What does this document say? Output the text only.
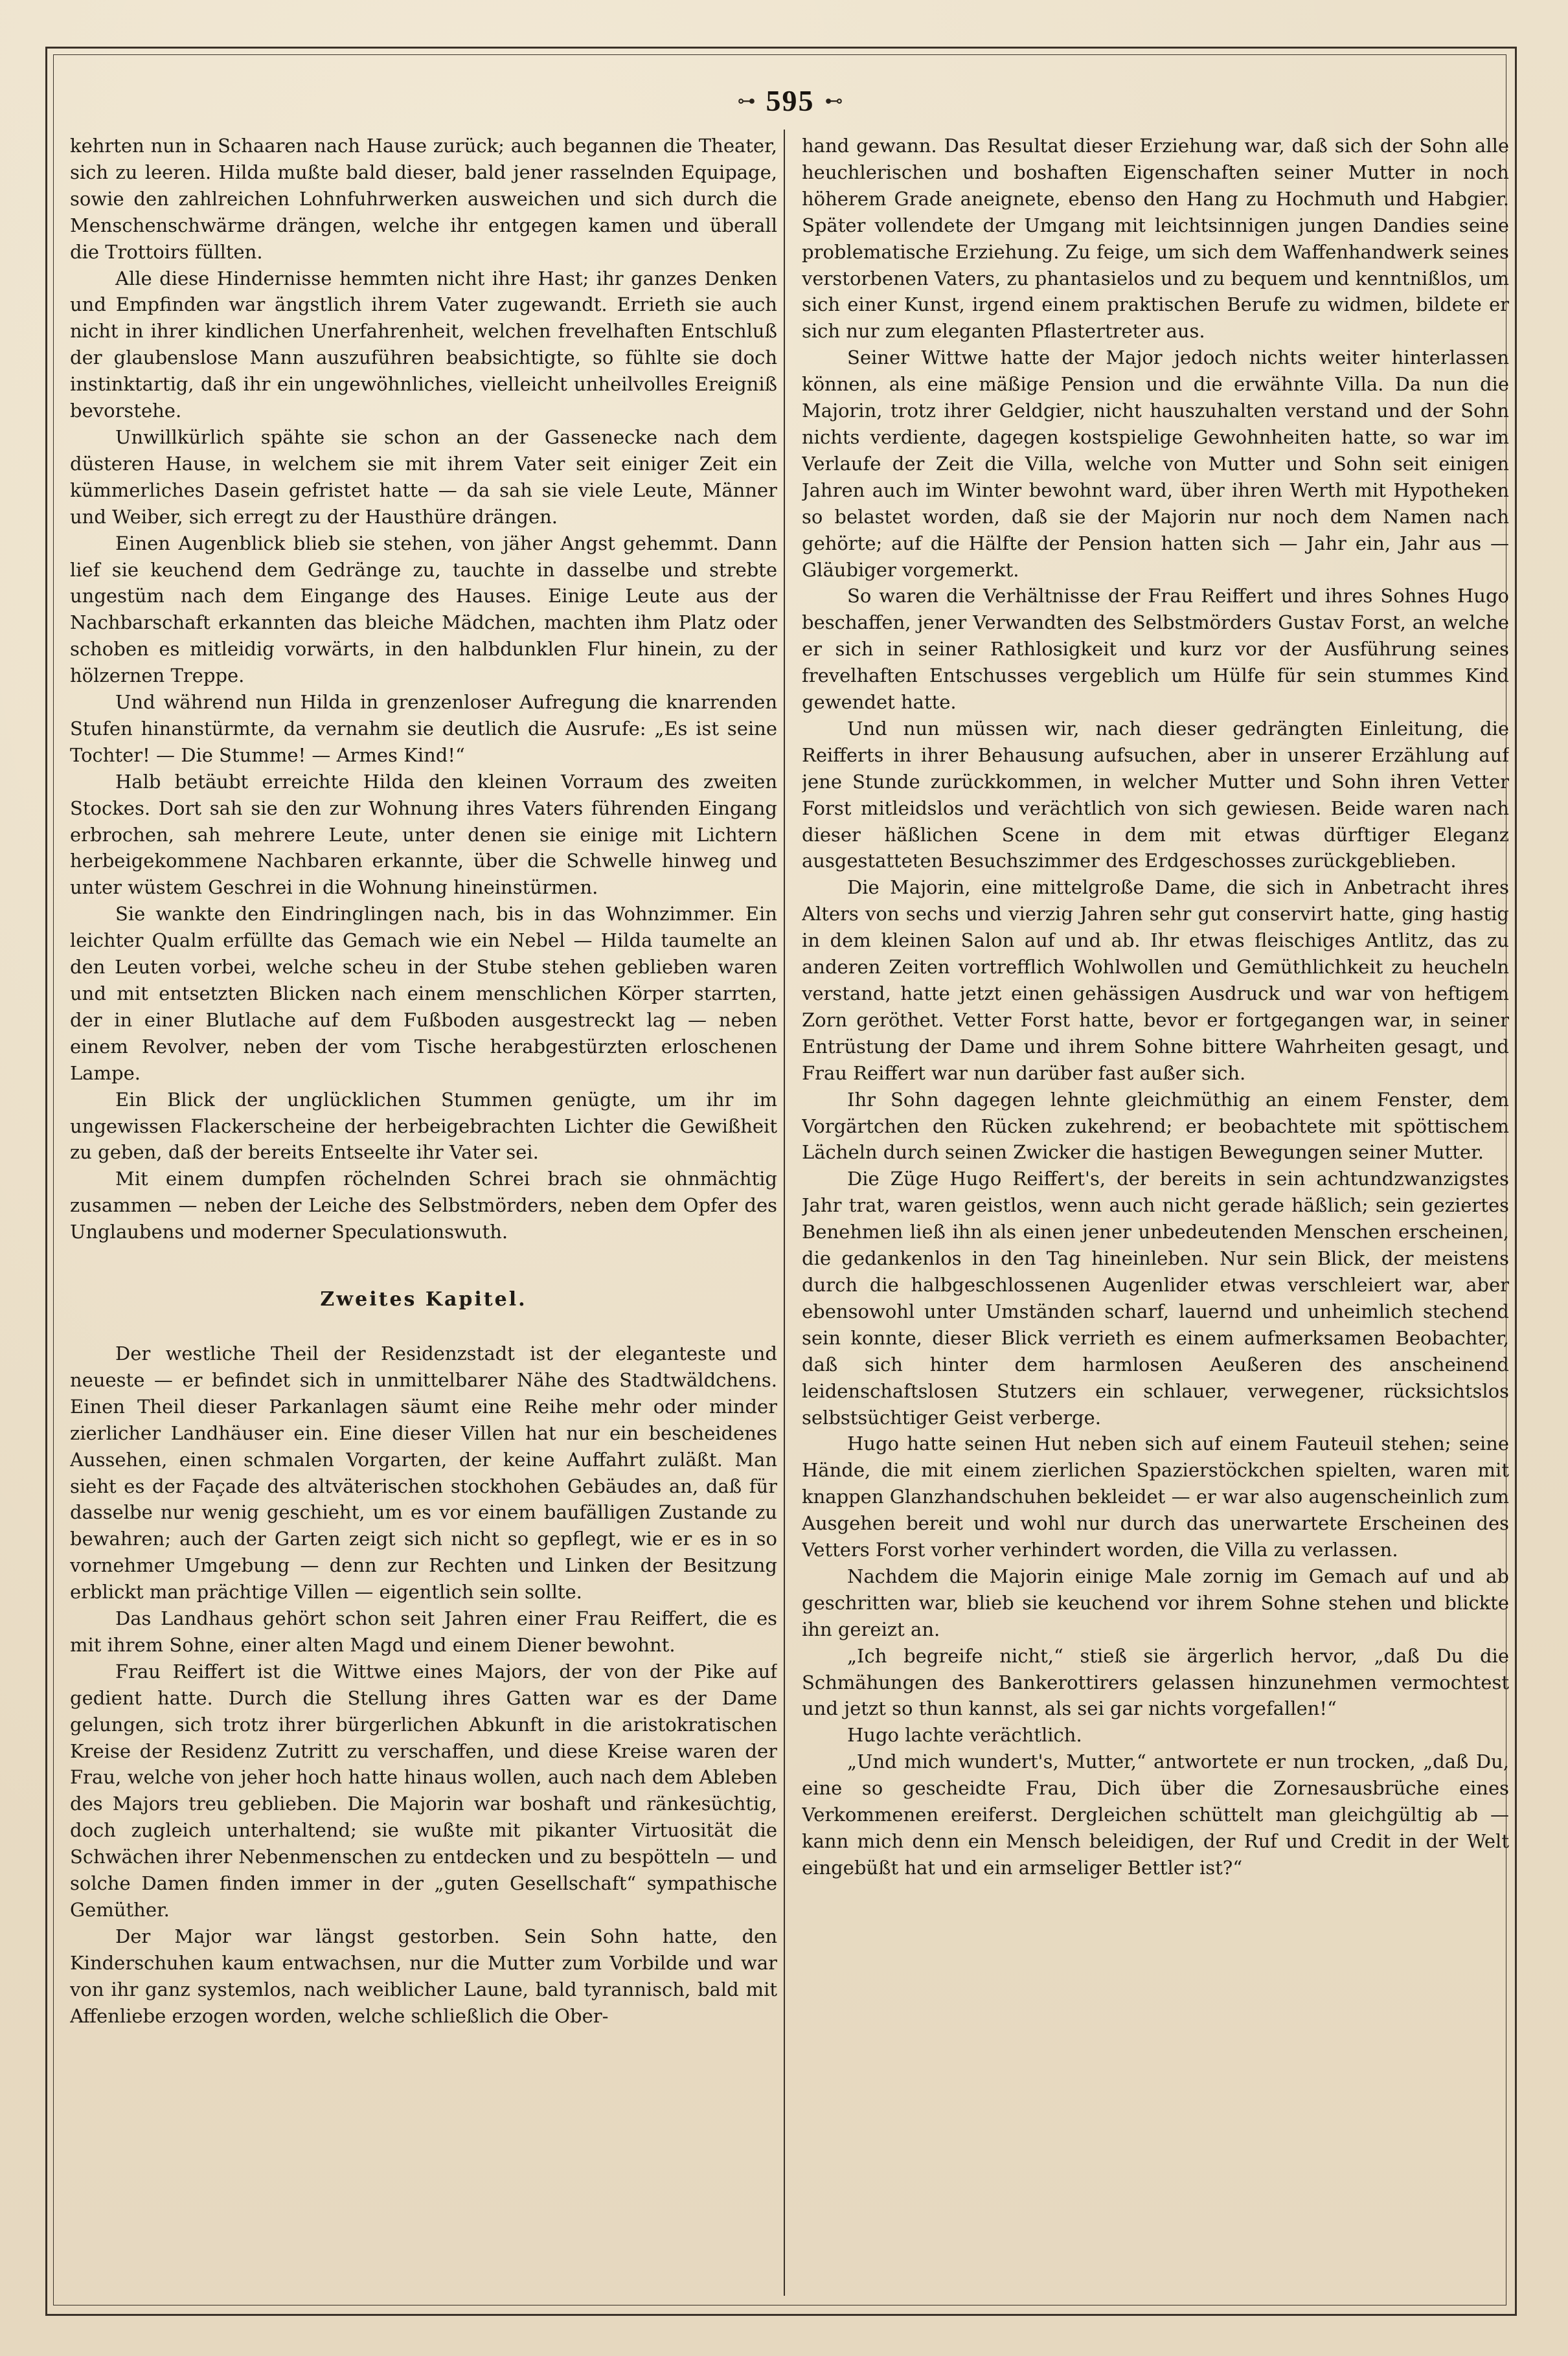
⊶ 595 ⊷

kehrten nun in Schaaren nach Hause zurück; auch begannen die Theater, sich zu leeren. Hilda mußte bald dieser, bald jener rasselnden Equipage, sowie den zahlreichen Lohnfuhrwerken ausweichen und sich durch die Menschenschwärme drängen, welche ihr entgegen kamen und überall die Trottoirs füllten.

Alle diese Hindernisse hemmten nicht ihre Hast; ihr ganzes Denken und Empfinden war ängstlich ihrem Vater zugewandt. Errieth sie auch nicht in ihrer kindlichen Unerfahrenheit, welchen frevelhaften Entschluß der glaubenslose Mann auszuführen beabsichtigte, so fühlte sie doch instinktartig, daß ihr ein ungewöhnliches, vielleicht unheilvolles Ereigniß bevorstehe.

Unwillkürlich spähte sie schon an der Gassenecke nach dem düsteren Hause, in welchem sie mit ihrem Vater seit einiger Zeit ein kümmerliches Dasein gefristet hatte — da sah sie viele Leute, Männer und Weiber, sich erregt zu der Hausthüre drängen.

Einen Augenblick blieb sie stehen, von jäher Angst gehemmt. Dann lief sie keuchend dem Gedränge zu, tauchte in dasselbe und strebte ungestüm nach dem Eingange des Hauses. Einige Leute aus der Nachbarschaft erkannten das bleiche Mädchen, machten ihm Platz oder schoben es mitleidig vorwärts, in den halbdunklen Flur hinein, zu der hölzernen Treppe.

Und während nun Hilda in grenzenloser Aufregung die knarrenden Stufen hinanstürmte, da vernahm sie deutlich die Ausrufe: „Es ist seine Tochter! — Die Stumme! — Armes Kind!“

Halb betäubt erreichte Hilda den kleinen Vorraum des zweiten Stockes. Dort sah sie den zur Wohnung ihres Vaters führenden Eingang erbrochen, sah mehrere Leute, unter denen sie einige mit Lichtern herbeigekommene Nachbaren erkannte, über die Schwelle hinweg und unter wüstem Geschrei in die Wohnung hineinstürmen.

Sie wankte den Eindringlingen nach, bis in das Wohnzimmer. Ein leichter Qualm erfüllte das Gemach wie ein Nebel — Hilda taumelte an den Leuten vorbei, welche scheu in der Stube stehen geblieben waren und mit entsetzten Blicken nach einem menschlichen Körper starrten, der in einer Blutlache auf dem Fußboden ausgestreckt lag — neben einem Revolver, neben der vom Tische herabgestürzten erloschenen Lampe.

Ein Blick der unglücklichen Stummen genügte, um ihr im ungewissen Flackerscheine der herbeigebrachten Lichter die Gewißheit zu geben, daß der bereits Entseelte ihr Vater sei.

Mit einem dumpfen röchelnden Schrei brach sie ohnmächtig zusammen — neben der Leiche des Selbstmörders, neben dem Opfer des Unglaubens und moderner Speculationswuth.

Zweites Kapitel.

Der westliche Theil der Residenzstadt ist der eleganteste und neueste — er befindet sich in unmittelbarer Nähe des Stadtwäldchens. Einen Theil dieser Parkanlagen säumt eine Reihe mehr oder minder zierlicher Landhäuser ein. Eine dieser Villen hat nur ein bescheidenes Aussehen, einen schmalen Vorgarten, der keine Auffahrt zuläßt. Man sieht es der Façade des altväterischen stockhohen Gebäudes an, daß für dasselbe nur wenig geschieht, um es vor einem baufälligen Zustande zu bewahren; auch der Garten zeigt sich nicht so gepflegt, wie er es in so vornehmer Umgebung — denn zur Rechten und Linken der Besitzung erblickt man prächtige Villen — eigentlich sein sollte.

Das Landhaus gehört schon seit Jahren einer Frau Reiffert, die es mit ihrem Sohne, einer alten Magd und einem Diener bewohnt.

Frau Reiffert ist die Wittwe eines Majors, der von der Pike auf gedient hatte. Durch die Stellung ihres Gatten war es der Dame gelungen, sich trotz ihrer bürgerlichen Abkunft in die aristokratischen Kreise der Residenz Zutritt zu verschaffen, und diese Kreise waren der Frau, welche von jeher hoch hatte hinaus wollen, auch nach dem Ableben des Majors treu geblieben. Die Majorin war boshaft und ränkesüchtig, doch zugleich unterhaltend; sie wußte mit pikanter Virtuosität die Schwächen ihrer Nebenmenschen zu entdecken und zu bespötteln — und solche Damen finden immer in der „guten Gesellschaft“ sympathische Gemüther.

Der Major war längst gestorben. Sein Sohn hatte, den Kinderschuhen kaum entwachsen, nur die Mutter zum Vorbilde und war von ihr ganz systemlos, nach weiblicher Laune, bald tyrannisch, bald mit Affenliebe erzogen worden, welche schließlich die Ober-

hand gewann. Das Resultat dieser Erziehung war, daß sich der Sohn alle heuchlerischen und boshaften Eigenschaften seiner Mutter in noch höherem Grade aneignete, ebenso den Hang zu Hochmuth und Habgier. Später vollendete der Umgang mit leichtsinnigen jungen Dandies seine problematische Erziehung. Zu feige, um sich dem Waffenhandwerk seines verstorbenen Vaters, zu phantasielos und zu bequem und kenntnißlos, um sich einer Kunst, irgend einem praktischen Berufe zu widmen, bildete er sich nur zum eleganten Pflastertreter aus.

Seiner Wittwe hatte der Major jedoch nichts weiter hinterlassen können, als eine mäßige Pension und die erwähnte Villa. Da nun die Majorin, trotz ihrer Geldgier, nicht hauszuhalten verstand und der Sohn nichts verdiente, dagegen kostspielige Gewohnheiten hatte, so war im Verlaufe der Zeit die Villa, welche von Mutter und Sohn seit einigen Jahren auch im Winter bewohnt ward, über ihren Werth mit Hypotheken so belastet worden, daß sie der Majorin nur noch dem Namen nach gehörte; auf die Hälfte der Pension hatten sich — Jahr ein, Jahr aus — Gläubiger vorgemerkt.

So waren die Verhältnisse der Frau Reiffert und ihres Sohnes Hugo beschaffen, jener Verwandten des Selbstmörders Gustav Forst, an welche er sich in seiner Rathlosigkeit und kurz vor der Ausführung seines frevelhaften Entschusses vergeblich um Hülfe für sein stummes Kind gewendet hatte.

Und nun müssen wir, nach dieser gedrängten Einleitung, die Reifferts in ihrer Behausung aufsuchen, aber in unserer Erzählung auf jene Stunde zurückkommen, in welcher Mutter und Sohn ihren Vetter Forst mitleidslos und verächtlich von sich gewiesen. Beide waren nach dieser häßlichen Scene in dem mit etwas dürftiger Eleganz ausgestatteten Besuchszimmer des Erdgeschosses zurückgeblieben.

Die Majorin, eine mittelgroße Dame, die sich in Anbetracht ihres Alters von sechs und vierzig Jahren sehr gut conservirt hatte, ging hastig in dem kleinen Salon auf und ab. Ihr etwas fleischiges Antlitz, das zu anderen Zeiten vortrefflich Wohlwollen und Gemüthlichkeit zu heucheln verstand, hatte jetzt einen gehässigen Ausdruck und war von heftigem Zorn geröthet. Vetter Forst hatte, bevor er fortgegangen war, in seiner Entrüstung der Dame und ihrem Sohne bittere Wahrheiten gesagt, und Frau Reiffert war nun darüber fast außer sich.

Ihr Sohn dagegen lehnte gleichmüthig an einem Fenster, dem Vorgärtchen den Rücken zukehrend; er beobachtete mit spöttischem Lächeln durch seinen Zwicker die hastigen Bewegungen seiner Mutter.

Die Züge Hugo Reiffert's, der bereits in sein achtundzwanzigstes Jahr trat, waren geistlos, wenn auch nicht gerade häßlich; sein geziertes Benehmen ließ ihn als einen jener unbedeutenden Menschen erscheinen, die gedankenlos in den Tag hineinleben. Nur sein Blick, der meistens durch die halbgeschlossenen Augenlider etwas verschleiert war, aber ebensowohl unter Umständen scharf, lauernd und unheimlich stechend sein konnte, dieser Blick verrieth es einem aufmerksamen Beobachter, daß sich hinter dem harmlosen Aeußeren des anscheinend leidenschaftslosen Stutzers ein schlauer, verwegener, rücksichtslos selbstsüchtiger Geist verberge.

Hugo hatte seinen Hut neben sich auf einem Fauteuil stehen; seine Hände, die mit einem zierlichen Spazierstöckchen spielten, waren mit knappen Glanzhandschuhen bekleidet — er war also augenscheinlich zum Ausgehen bereit und wohl nur durch das unerwartete Erscheinen des Vetters Forst vorher verhindert worden, die Villa zu verlassen.

Nachdem die Majorin einige Male zornig im Gemach auf und ab geschritten war, blieb sie keuchend vor ihrem Sohne stehen und blickte ihn gereizt an.

„Ich begreife nicht,“ stieß sie ärgerlich hervor, „daß Du die Schmähungen des Bankerottirers gelassen hinzunehmen vermochtest und jetzt so thun kannst, als sei gar nichts vorgefallen!“

Hugo lachte verächtlich.

„Und mich wundert's, Mutter,“ antwortete er nun trocken, „daß Du, eine so gescheidte Frau, Dich über die Zornesausbrüche eines Verkommenen ereiferst. Dergleichen schüttelt man gleichgültig ab — kann mich denn ein Mensch beleidigen, der Ruf und Credit in der Welt eingebüßt hat und ein armseliger Bettler ist?“
